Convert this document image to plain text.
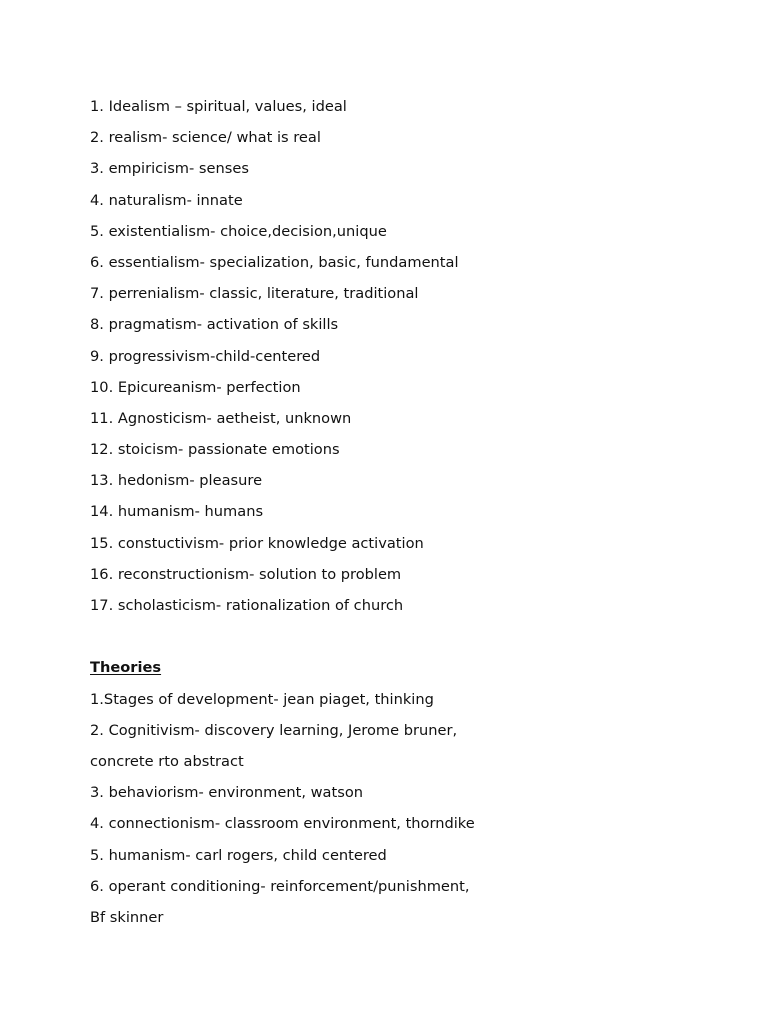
1. Idealism – spiritual, values, ideal
2. realism- science/ what is real
3. empiricism- senses
4. naturalism- innate
5. existentialism- choice,decision,unique
6. essentialism- specialization, basic, fundamental
7. perrenialism- classic, literature, traditional
8. pragmatism- activation of skills
9. progressivism-child-centered
10. Epicureanism- perfection
11. Agnosticism- aetheist, unknown
12. stoicism- passionate emotions
13. hedonism- pleasure
14. humanism- humans
15. constuctivism- prior knowledge activation
16. reconstructionism- solution to problem
17. scholasticism- rationalization of church
Theories
1.Stages of development- jean piaget, thinking
2. Cognitivism- discovery learning, Jerome bruner,
concrete rto abstract
3. behaviorism- environment, watson
4. connectionism- classroom environment, thorndike
5. humanism- carl rogers, child centered
6. operant conditioning- reinforcement/punishment,
Bf skinner
